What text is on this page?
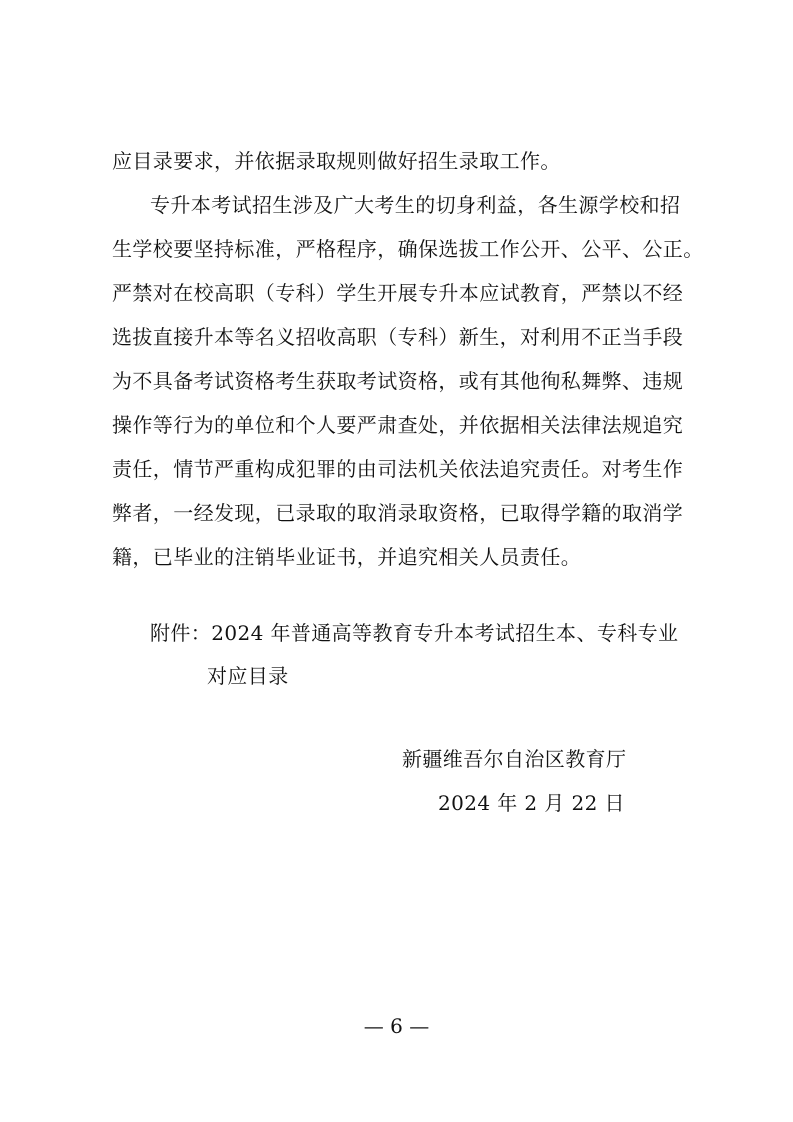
应目录要求，并依据录取规则做好招生录取工作。
专升本考试招生涉及广大考生的切身利益，各生源学校和招
生学校要坚持标准，严格程序，确保选拔工作公开、公平、公正。
严禁对在校高职（专科）学生开展专升本应试教育，严禁以不经
选拔直接升本等名义招收高职（专科）新生，对利用不正当手段
为不具备考试资格考生获取考试资格，或有其他徇私舞弊、违规
操作等行为的单位和个人要严肃查处，并依据相关法律法规追究
责任，情节严重构成犯罪的由司法机关依法追究责任。对考生作
弊者，一经发现，已录取的取消录取资格，已取得学籍的取消学
籍，已毕业的注销毕业证书，并追究相关人员责任。
附件：2024 年普通高等教育专升本考试招生本、专科专业
对应目录
新疆维吾尔自治区教育厅
2024 年 2 月 22 日
— 6 —
